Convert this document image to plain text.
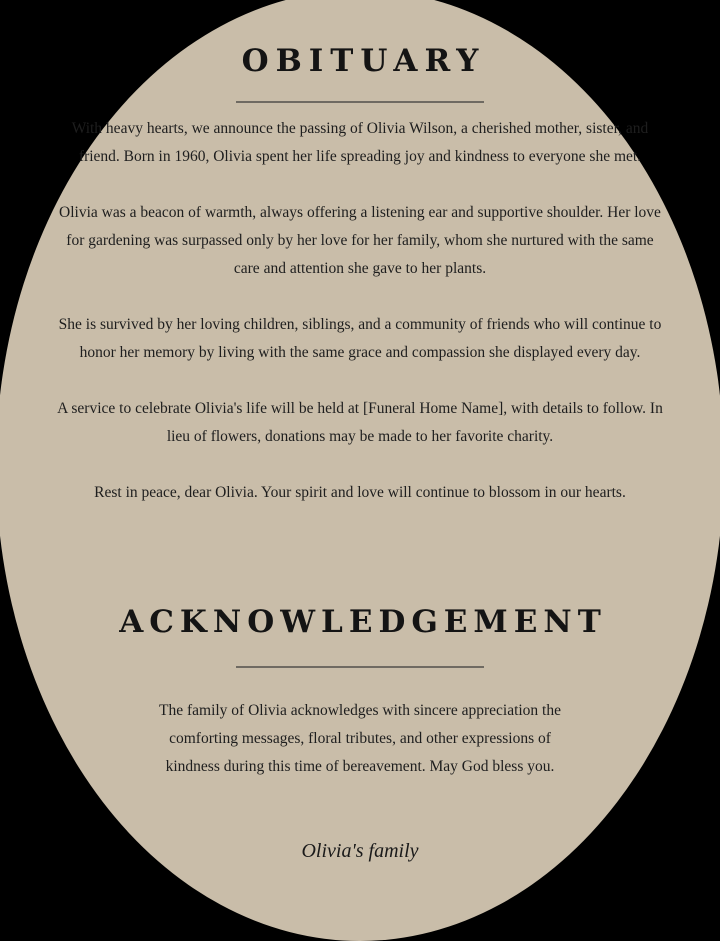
OBITUARY

With heavy hearts, we announce the passing of Olivia Wilson, a cherished mother, sister, and friend. Born in 1960, Olivia spent her life spreading joy and kindness to everyone she met.

Olivia was a beacon of warmth, always offering a listening ear and supportive shoulder. Her love for gardening was surpassed only by her love for her family, whom she nurtured with the same care and attention she gave to her plants.

She is survived by her loving children, siblings, and a community of friends who will continue to honor her memory by living with the same grace and compassion she displayed every day.

A service to celebrate Olivia's life will be held at [Funeral Home Name], with details to follow. In lieu of flowers, donations may be made to her favorite charity.

Rest in peace, dear Olivia. Your spirit and love will continue to blossom in our hearts.

ACKNOWLEDGEMENT

The family of Olivia acknowledges with sincere appreciation the comforting messages, floral tributes, and other expressions of kindness during this time of bereavement. May God bless you.

Olivia's family
